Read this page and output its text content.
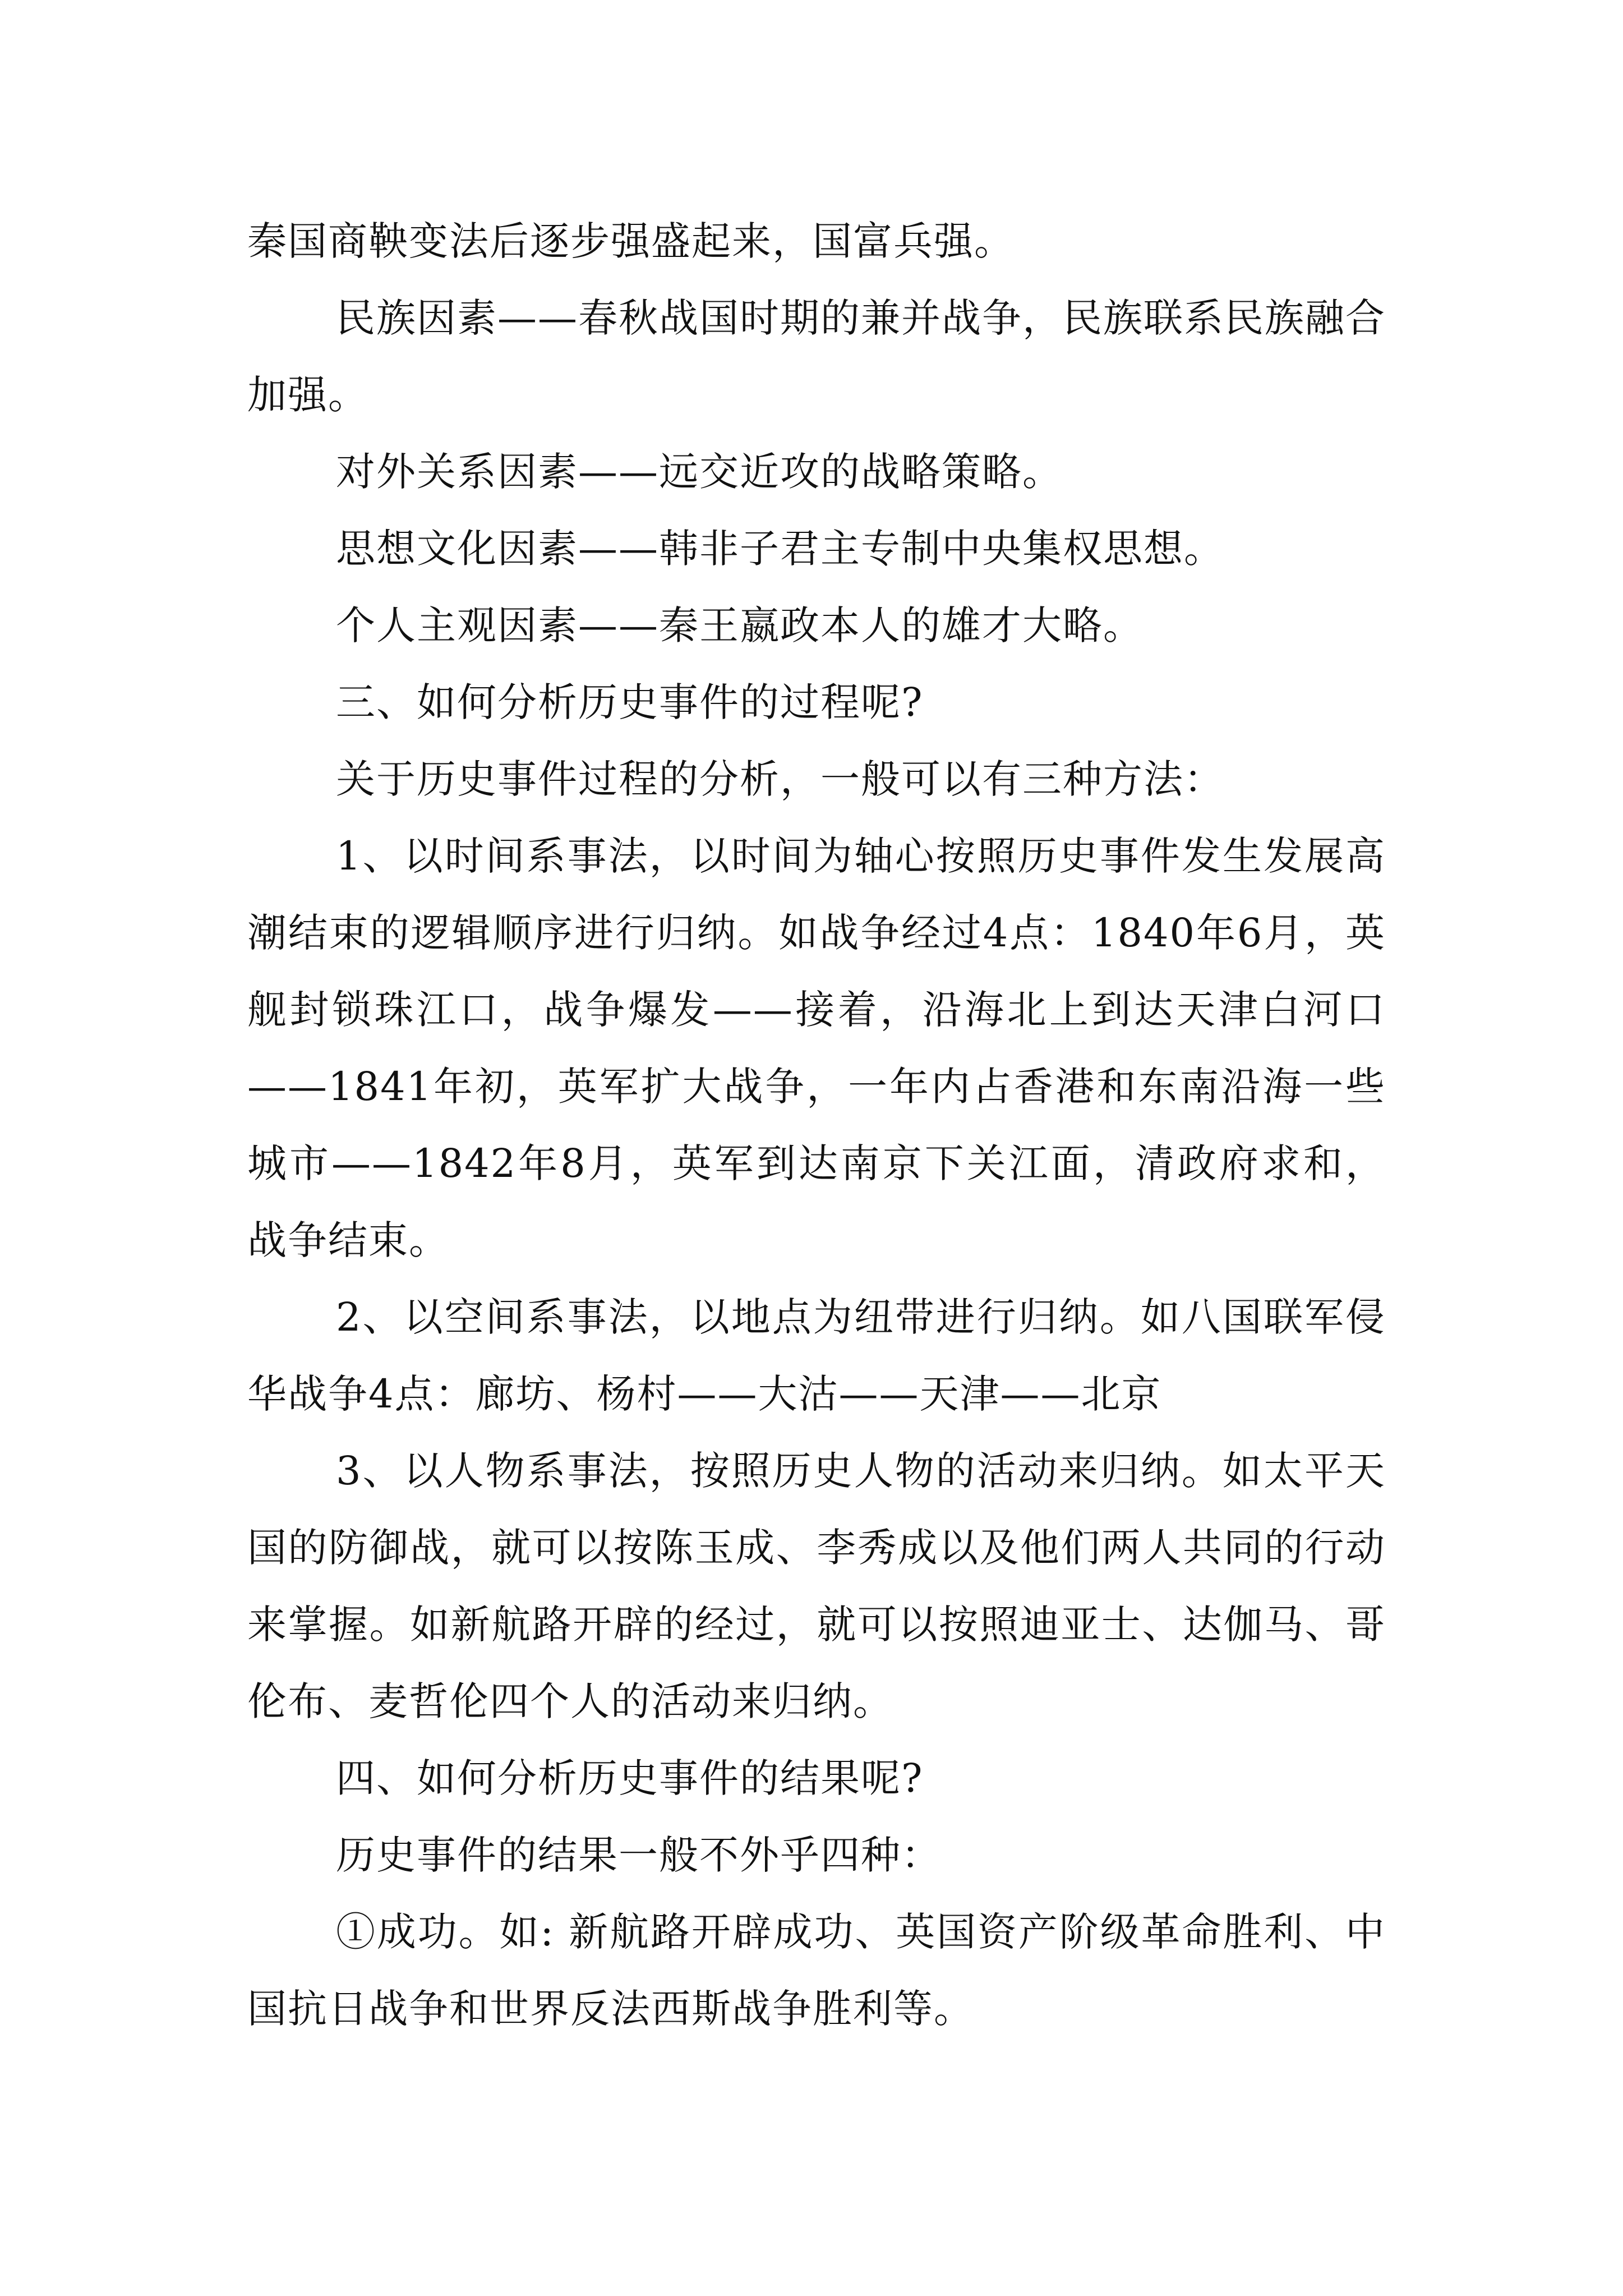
秦国商鞅变法后逐步强盛起来，国富兵强。

民族因素——春秋战国时期的兼并战争，民族联系民族融合加强。

对外关系因素——远交近攻的战略策略。

思想文化因素——韩非子君主专制中央集权思想。

个人主观因素——秦王嬴政本人的雄才大略。

三、如何分析历史事件的过程呢?

关于历史事件过程的分析，一般可以有三种方法：

1、以时间系事法，以时间为轴心按照历史事件发生发展高潮结束的逻辑顺序进行归纳。如战争经过4点：1840年6月，英舰封锁珠江口，战争爆发——接着，沿海北上到达天津白河口——1841年初，英军扩大战争，一年内占香港和东南沿海一些城市——1842年8月，英军到达南京下关江面，清政府求和，战争结束。

2、以空间系事法，以地点为纽带进行归纳。如八国联军侵华战争4点：廊坊、杨村——大沽——天津——北京

3、以人物系事法，按照历史人物的活动来归纳。如太平天国的防御战，就可以按陈玉成、李秀成以及他们两人共同的行动来掌握。如新航路开辟的经过，就可以按照迪亚士、达伽马、哥伦布、麦哲伦四个人的活动来归纳。

四、如何分析历史事件的结果呢?

历史事件的结果一般不外乎四种：

①成功。如: 新航路开辟成功、英国资产阶级革命胜利、中国抗日战争和世界反法西斯战争胜利等。
